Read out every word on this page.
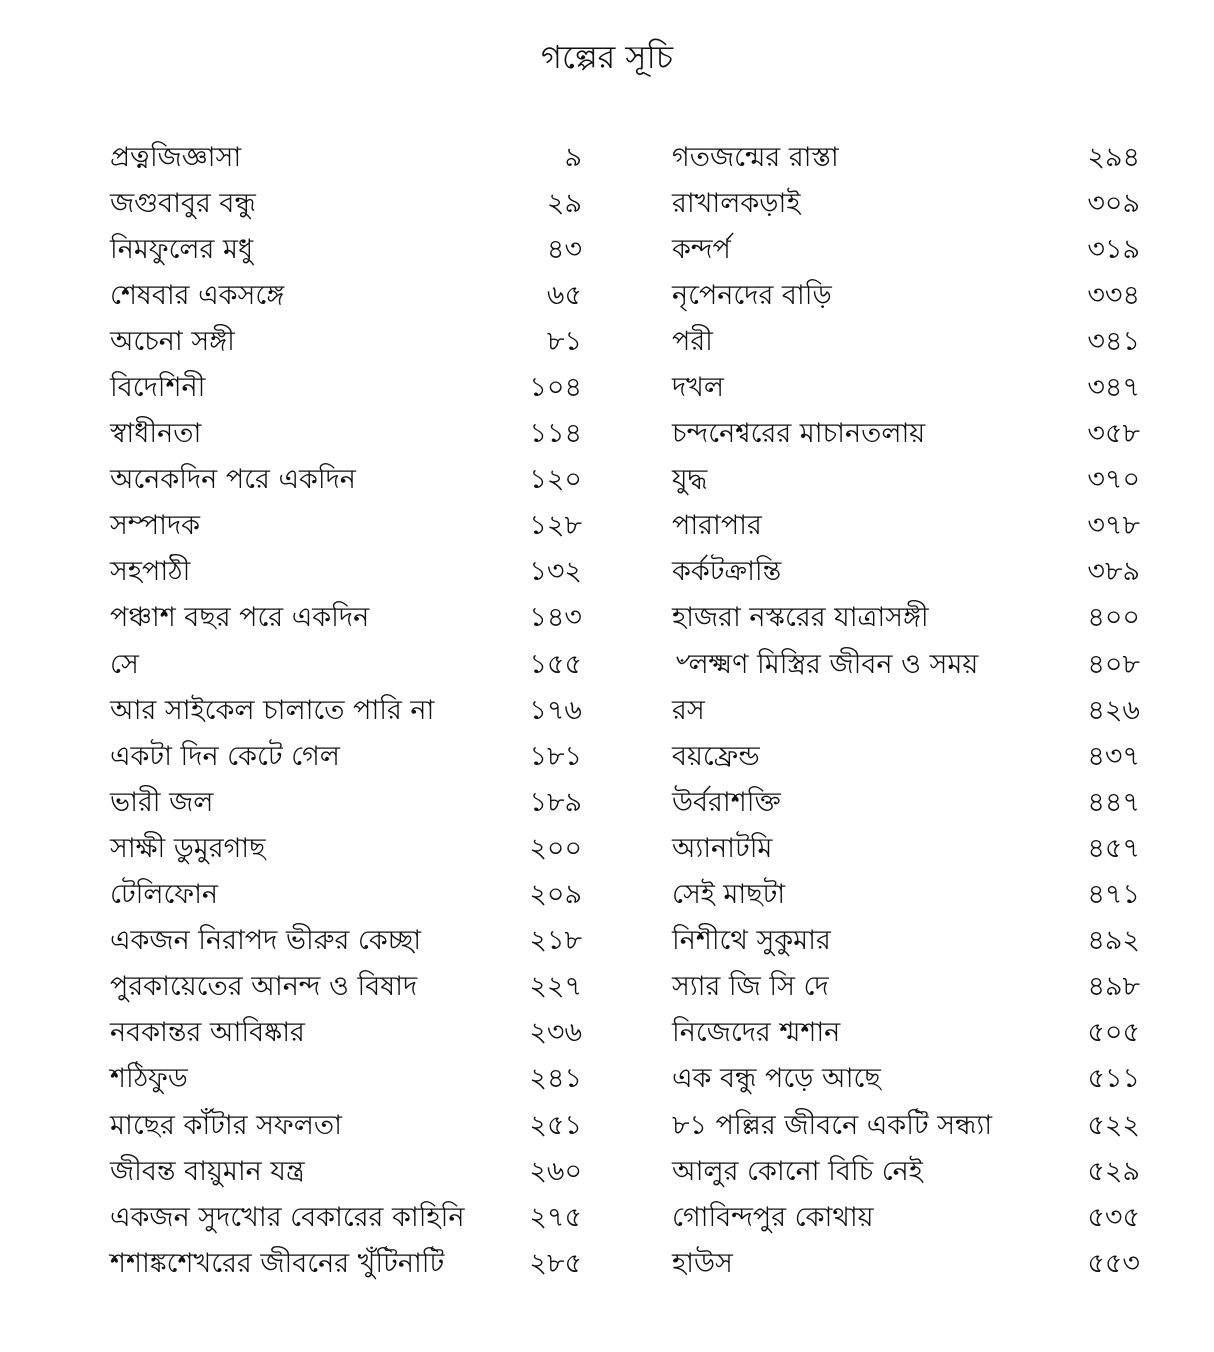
গল্পের সূচি
প্রত্নজিজ্ঞাসা	৯
জগুবাবুর বন্ধু	২৯
নিমফুলের মধু	৪৩
শেষবার একসঙ্গে	৬৫
অচেনা সঙ্গী	৮১
বিদেশিনী	১০৪
স্বাধীনতা	১১৪
অনেকদিন পরে একদিন	১২০
সম্পাদক	১২৮
সহপাঠী	১৩২
পঞ্চাশ বছর পরে একদিন	১৪৩
সে	১৫৫
আর সাইকেল চালাতে পারি না	১৭৬
একটা দিন কেটে গেল	১৮১
ভারী জল	১৮৯
সাক্ষী ডুমুরগাছ	২০০
টেলিফোন	২০৯
একজন নিরাপদ ভীরুর কেচ্ছা	২১৮
পুরকায়েতের আনন্দ ও বিষাদ	২২৭
নবকান্তর আবিষ্কার	২৩৬
শঠিফুড	২৪১
মাছের কাঁটার সফলতা	২৫১
জীবন্ত বায়ুমান যন্ত্র	২৬০
একজন সুদখোর বেকারের কাহিনি ২৭৫
শশাঙ্কশেখরের জীবনের খুঁটিনাটি	২৮৫
গতজন্মের রাস্তা	২৯৪
রাখালকড়াই	৩০৯
কন্দর্প	৩১৯
নৃপেনদের বাড়ি	৩৩৪
পরী	৩৪১
দখল	৩৪৭
চন্দনেশ্বরের মাচানতলায়	৩৫৮
যুদ্ধ	৩৭০
পারাপার	৩৭৮
কর্কটক্রান্তি	৩৮৯
হাজরা নস্করের যাত্রাসঙ্গী	৪০০
৺লক্ষ্মণ মিস্ত্রির জীবন ও সময়	৪০৮
রস	৪২৬
বয়ফ্রেন্ড	৪৩৭
উর্বরাশক্তি	৪৪৭
অ্যানাটমি	৪৫৭
সেই মাছটা	৪৭১
নিশীথে সুকুমার	৪৯২
স্যার জি সি দে	৪৯৮
নিজেদের শ্মশান	৫০৫
এক বন্ধু পড়ে আছে	৫১১
৮১ পল্লির জীবনে একটি সন্ধ্যা	৫২২
আলুর কোনো বিচি নেই	৫২৯
গোবিন্দপুর কোথায়	৫৩৫
হাউস	৫৫৩
